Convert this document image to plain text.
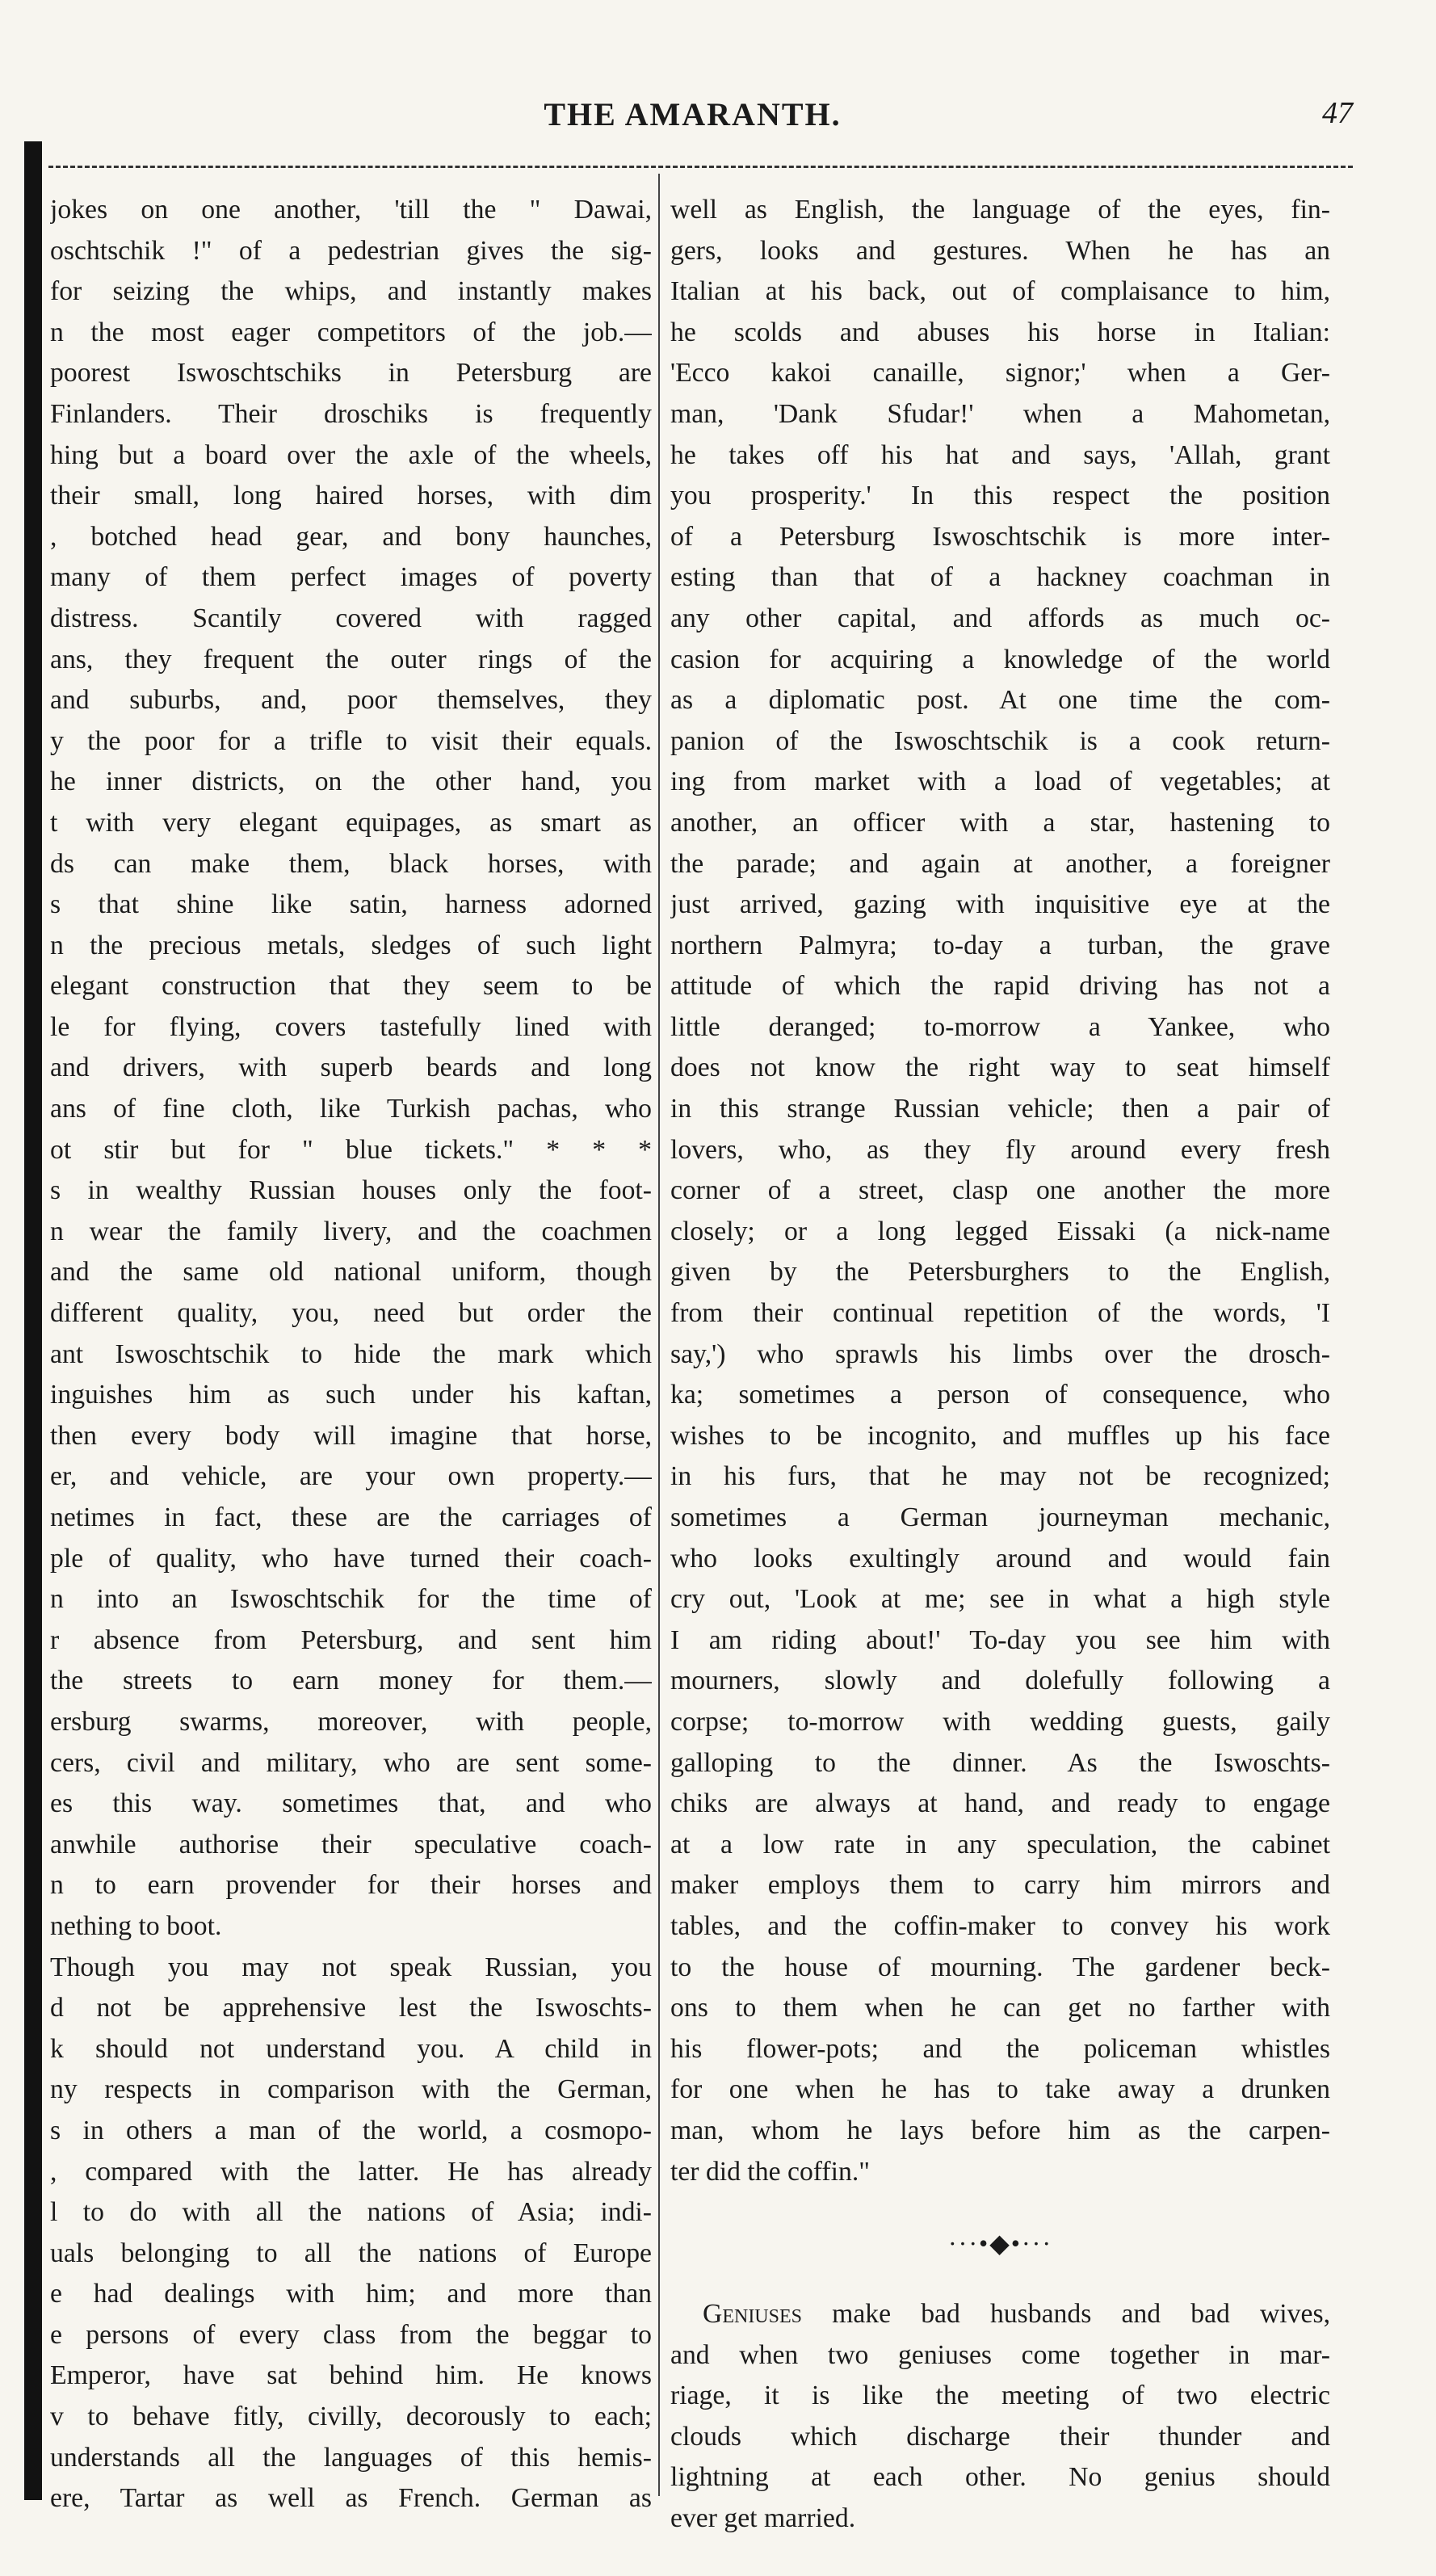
THE AMARANTH.	47
jokes on one another, 'till the " Dawai,
oschtschik !" of a pedestrian gives the sig-
for seizing the whips, and instantly makes
n the most eager competitors of the job.—
poorest Iswoschtschiks in Petersburg are
Finlanders. Their droschiks is frequently
hing but a board over the axle of the wheels,
their small, long haired horses, with dim
, botched head gear, and bony haunches,
many of them perfect images of poverty
distress. Scantily covered with ragged
ans, they frequent the outer rings of the
and suburbs, and, poor themselves, they
y the poor for a trifle to visit their equals.
he inner districts, on the other hand, you
t with very elegant equipages, as smart as
ds can make them, black horses, with
s that shine like satin, harness adorned
n the precious metals, sledges of such light
elegant construction that they seem to be
le for flying, covers tastefully lined with
and drivers, with superb beards and long
ans of fine cloth, like Turkish pachas, who
ot stir but for " blue tickets." * * *
s in wealthy Russian houses only the foot-
n wear the family livery, and the coachmen
and the same old national uniform, though
different quality, you, need but order the
ant Iswoschtschik to hide the mark which
inguishes him as such under his kaftan,
then every body will imagine that horse,
er, and vehicle, are your own property.—
netimes in fact, these are the carriages of
ple of quality, who have turned their coach-
n into an Iswoschtschik for the time of
r absence from Petersburg, and sent him
the streets to earn money for them.—
ersburg swarms, moreover, with people,
cers, civil and military, who are sent some-
es this way. sometimes that, and who
anwhile authorise their speculative coach-
n to earn provender for their horses and
nething to boot.
Though you may not speak Russian, you
d not be apprehensive lest the Iswoschts-
k should not understand you. A child in
ny respects in comparison with the German,
s in others a man of the world, a cosmopo-
, compared with the latter. He has already
l to do with all the nations of Asia; indi-
uals belonging to all the nations of Europe
e had dealings with him; and more than
e persons of every class from the beggar to
Emperor, have sat behind him. He knows
v to behave fitly, civilly, decorously to each;
understands all the languages of this hemis-
ere, Tartar as well as French. German as
well as English, the language of the eyes, fin-
gers, looks and gestures. When he has an
Italian at his back, out of complaisance to him,
he scolds and abuses his horse in Italian:
'Ecco kakoi canaille, signor;' when a Ger-
man, 'Dank Sfudar!' when a Mahometan,
he takes off his hat and says, 'Allah, grant
you prosperity.' In this respect the position
of a Petersburg Iswoschtschik is more inter-
esting than that of a hackney coachman in
any other capital, and affords as much oc-
casion for acquiring a knowledge of the world
as a diplomatic post. At one time the com-
panion of the Iswoschtschik is a cook return-
ing from market with a load of vegetables; at
another, an officer with a star, hastening to
the parade; and again at another, a foreigner
just arrived, gazing with inquisitive eye at the
northern Palmyra; to-day a turban, the grave
attitude of which the rapid driving has not a
little deranged; to-morrow a Yankee, who
does not know the right way to seat himself
in this strange Russian vehicle; then a pair of
lovers, who, as they fly around every fresh
corner of a street, clasp one another the more
closely; or a long legged Eissaki (a nick-name
given by the Petersburghers to the English,
from their continual repetition of the words, 'I
say,') who sprawls his limbs over the drosch-
ka; sometimes a person of consequence, who
wishes to be incognito, and muffles up his face
in his furs, that he may not be recognized;
sometimes a German journeyman mechanic,
who looks exultingly around and would fain
cry out, 'Look at me; see in what a high style
I am riding about!' To-day you see him with
mourners, slowly and dolefully following a
corpse; to-morrow with wedding guests, gaily
galloping to the dinner. As the Iswoschts-
chiks are always at hand, and ready to engage
at a low rate in any speculation, the cabinet
maker employs them to carry him mirrors and
tables, and the coffin-maker to convey his work
to the house of mourning. The gardener beck-
ons to them when he can get no farther with
his flower-pots; and the policeman whistles
for one when he has to take away a drunken
man, whom he lays before him as the carpen-
ter did the coffin."
···•◆•···
Geniuses make bad husbands and bad wives,
and when two geniuses come together in mar-
riage, it is like the meeting of two electric
clouds which discharge their thunder and
lightning at each other. No genius should
ever get married.
